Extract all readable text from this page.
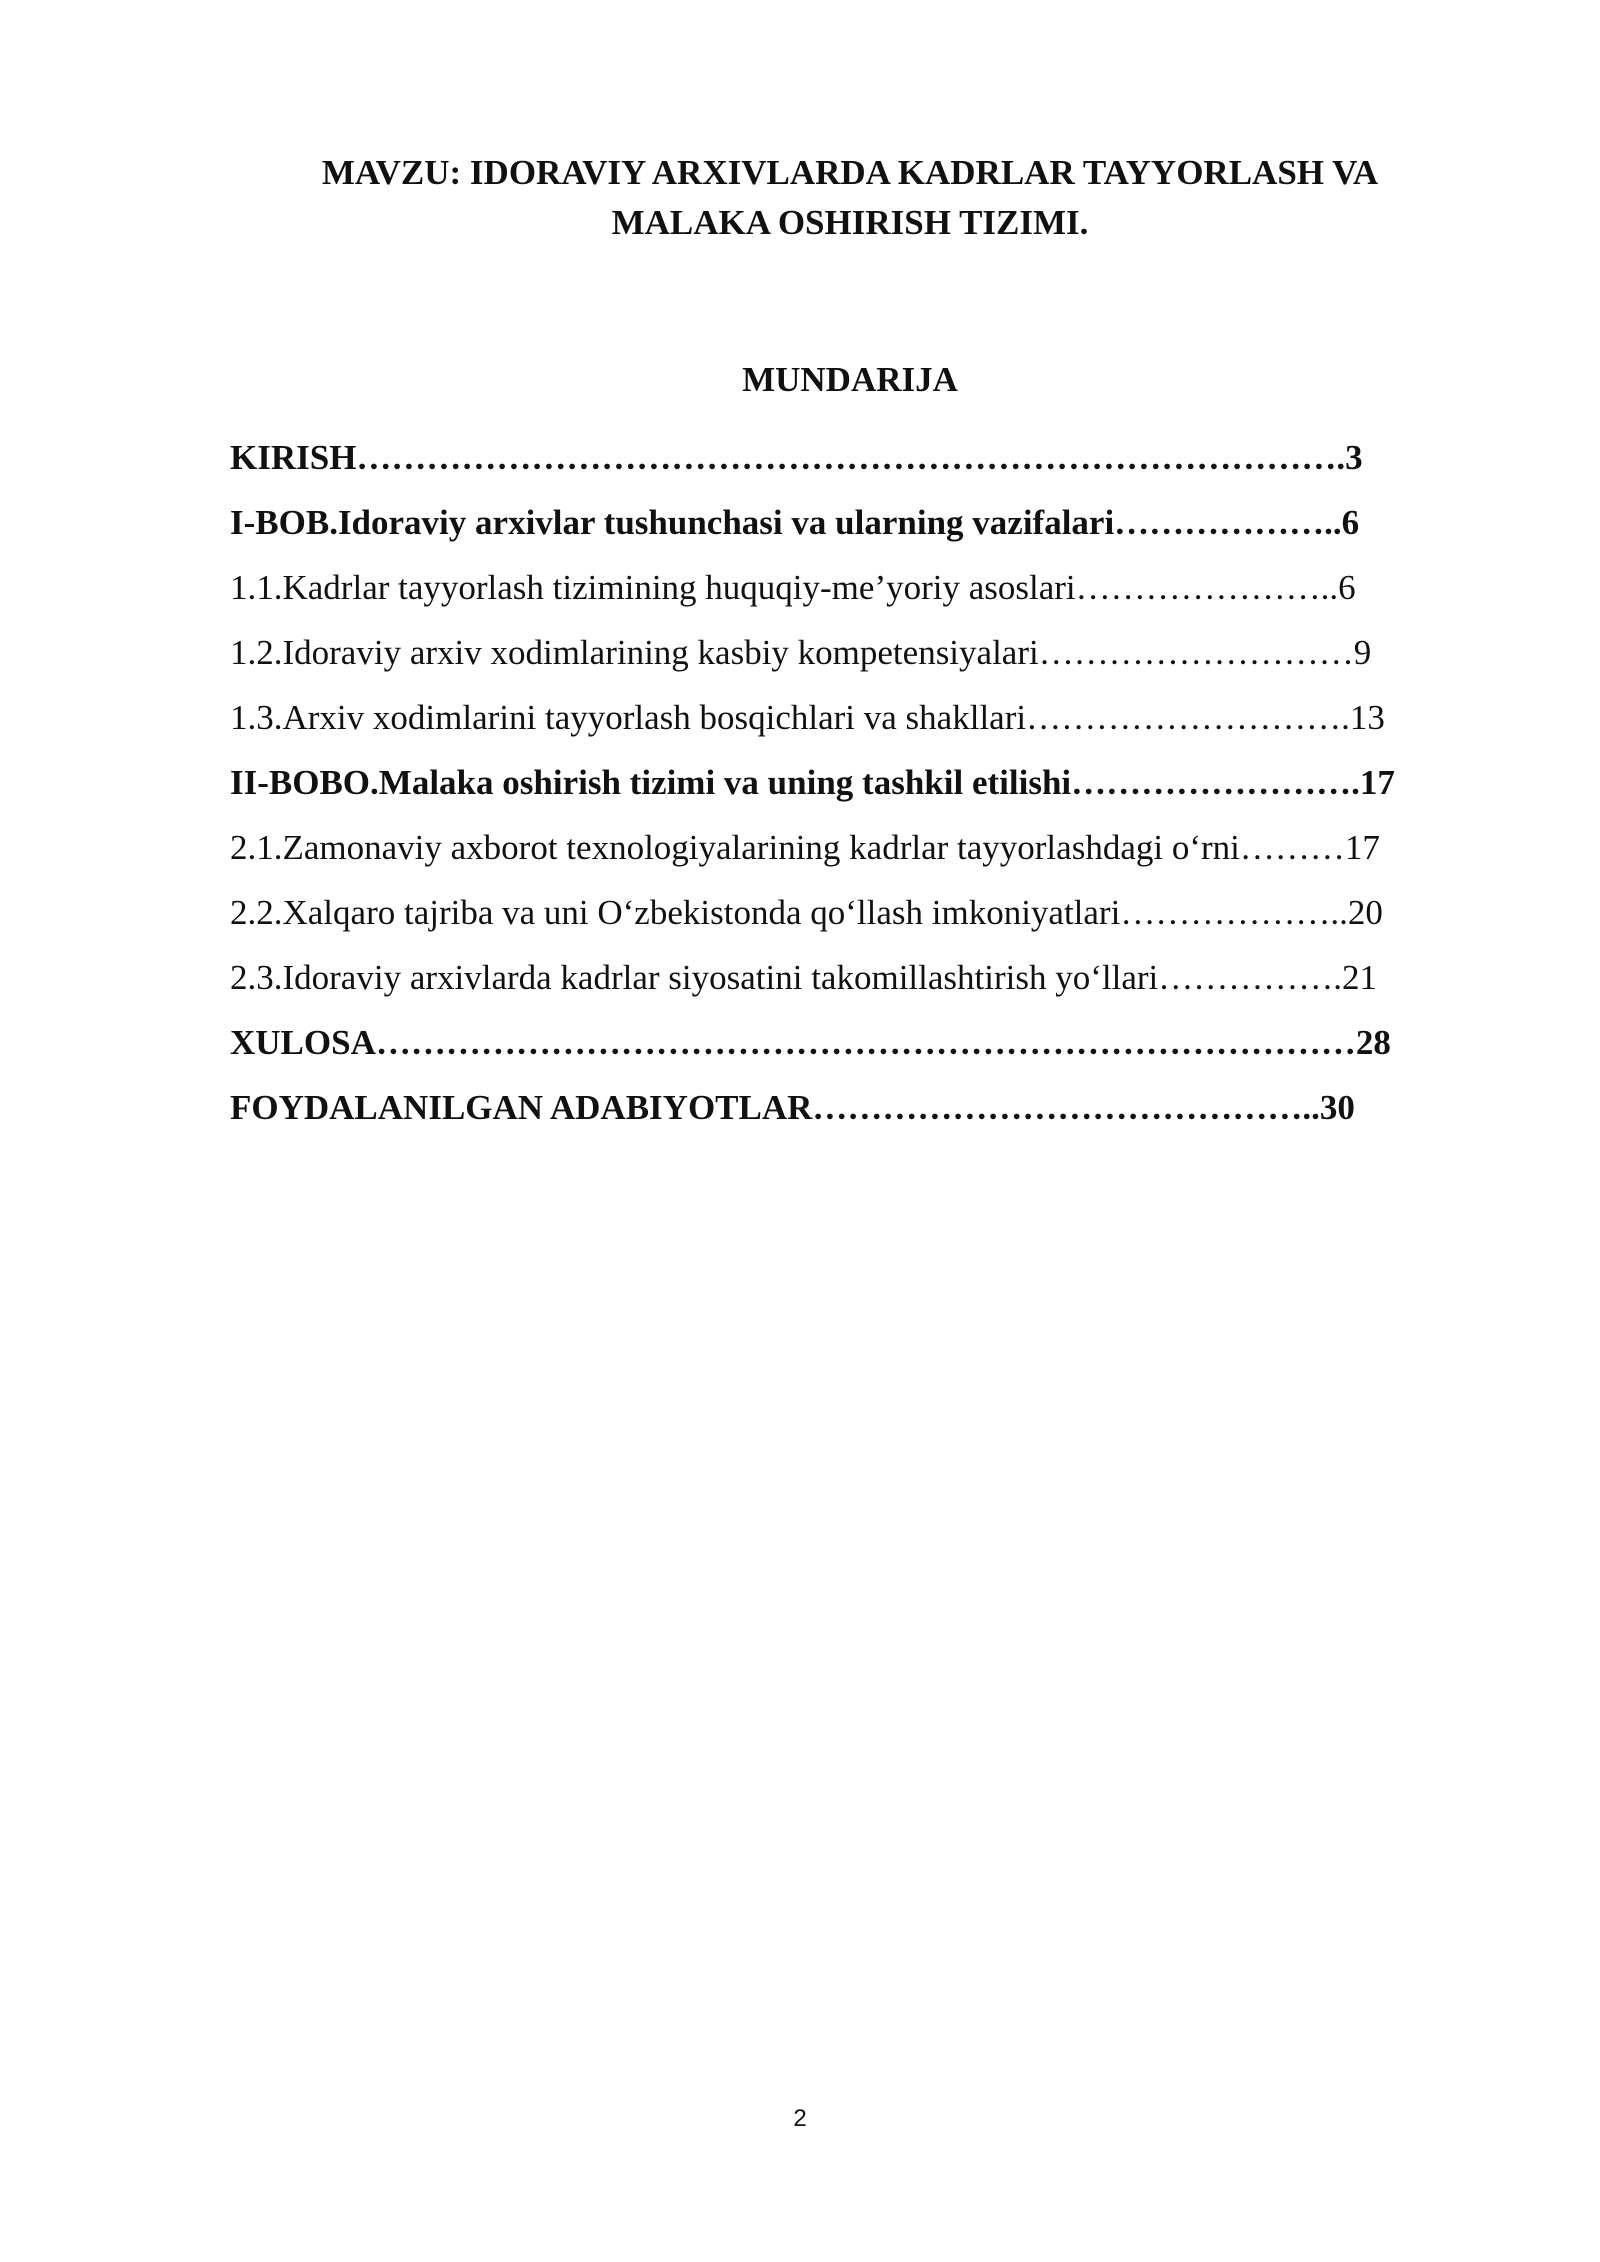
MAVZU: IDORAVIY ARXIVLARDA KADRLAR TAYYORLASH VA
MALAKA OSHIRISH TIZIMI.
MUNDARIJA
KIRISH………………………………………………………………………….3
I-BOB.Idoraviy arxivlar tushunchasi va ularning vazifalari………………..6
1.1.Kadrlar tayyorlash tizimining huquqiy-me’yoriy asoslari…………………..6
1.2.Idoraviy arxiv xodimlarining kasbiy kompetensiyalari………………………9
1.3.Arxiv xodimlarini tayyorlash bosqichlari va shakllari……………………….13
II-BOBO.Malaka oshirish tizimi va uning tashkil etilishi…………………….17
2.1.Zamonaviy axborot texnologiyalarining kadrlar tayyorlashdagi o‘rni………17
2.2.Xalqaro tajriba va uni O‘zbekistonda qo‘llash imkoniyatlari………………..20
2.3.Idoraviy arxivlarda kadrlar siyosatini takomillashtirish yo‘llari…………….21
XULOSA…………………………………………………………………………28
FOYDALANILGAN ADABIYOTLAR……………………………………..30
2
